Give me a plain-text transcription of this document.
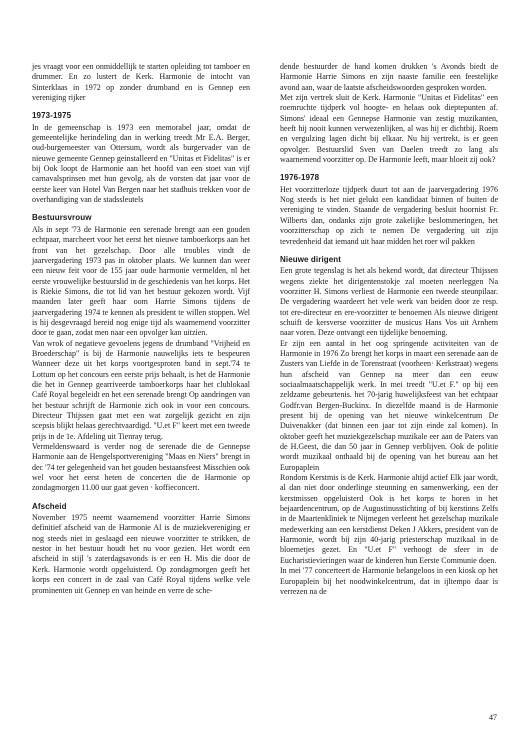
jes vraagt voor een onmiddellijk te starten opleiding tot tamboer en drummer. En zo lustert de Kerk. Harmonie de intocht van Sinterklaas in 1972 op zonder drumband en is Gennep een vereniging rijker
1973-1975
In de gemeenschap is 1973 een memorabel jaar, omdat de gemeentelijke herindeling dan in werking treedt Mr E.A. Berger, oud-burgemeester van Ottersum, wordt als burgervader van de nieuwe gemeente Gennep geinstalleerd en "Unitas et Fidelitas" is er bij Ook loopt de Harmonie aan het hoofd van een stoet van vijf carnavalsprinsen met hun gevolg, als de vorsten dat jaar voor de eerste keer van Hotel Van Bergen naar het stadhuis trekken voor de overhandiging van de stadssleutels
Bestuursvrouw
Als in sept '73 de Harmonie een serenade brengt aan een gouden echtpaar, marcheert voor het eerst het nieuwe tamboerkorps aan het front van het gezelschap. Door alle troubles vindt de jaarvergadering 1973 pas in oktober plaats. We kunnen dan weer een nieuw feit voor de 155 jaar oude harmonie vermelden, nl het eerste vrouwelijke bestuurslid in de geschiedenis van het korps. Het is Riekie Simons, die tot lid van het bestuur gekozen wordt. Vijf maanden later geeft haar oom Harrie Simons tijdens de jaarvergadering 1974 te kennen als president te willen stoppen. Wel is hij desgevraagd bereid nog enige tijd als waarnemend voorzitter door te gaan, zodat men naar een opvolger kan uitzien.
Van wrok of negatieve gevoelens jegens de drumband "Vrijheid en Broederschap" is bij de Harmonie nauwelijks iets te bespeuren Wanneer deze uit het korps voortgesproten band in sept.'74 te Lottum op het concours een eerste prijs behaalt, is het de Harmonie die het in Gennep gearriveerde tamboerkorps haar het clublokaal Café Royal begeleidt en het een serenade brengt Op aandringen van het bestuur schrijft de Harmonie zich ook in voor een concours. Directeur Thijssen gaat met een wat zorgelijk gezicht en zijn scepsis blijkt helaas gerechtvaardigd. "U.et F" keert met een tweede prijs in de 1e. Afdeling uit Tienray terug.
Vermeldenswaard is verder nog de serenade die de Gennepse Harmonie aan de Hengelsportvereniging "Maas en Niers" brengt in dec '74 ter gelegenheid van het gouden bestaansfeest Misschien ook wel voor het eerst heten de concerten die de Harmonie op zondagmorgen 11.00 uur gaat geven · koffieconcert.
Afscheid
November 1975 neemt waarnemend voorzitter Harrie Simons definitief afscheid van de Harmonie Al is de muziekvereniging er nog steeds niet in geslaagd een nieuwe voorzitter te strikken, de nestor in het bestuur houdt het nu voor gezien. Het wordt een afscheid in stijl 's zaterdagsavonds is er een H. Mis die door de Kerk. Harmonie wordt opgeluisterd. Op zondagmorgen geeft het korps een concert in de zaal van Café Royal tijdens welke vele prominenten uit Gennep en van heinde en verre de sche-
dende bestuurder de hand komen drukken 's Avonds biedt de Harmonie Harrie Simons en zijn naaste familie een feestelijke avond aan, waar de laatste afscheidswoorden gesproken worden.
Met zijn vertrek sluit de Kerk. Harmonie "Unitas et Fidelitas" een roemruchte tijdperk vol hoogte- en helaas ook dieptepunten af. Simons' ideaal een Gennepse Harmonie van zestig muzikanten, heeft hij nooit kunnen verwezenlijken, al was hij er dichtbij. Roem en vergulzing lagen dicht bij elkaar. Nu hij vertrekt, is er geen opvolger. Bestuurslid Sven van Daelen treedt zo lang als waarnemend voorzitter op. De Harmonie leeft, maar bloeit zij ook?
1976-1978
Het voorzitterloze tijdperk duurt tot aan de jaarvergadering 1976 Nog steeds is het niet gelukt een kandidaat binnen of buiten de vereniging te vinden. Staande de vergadering besluit hoornist Fr. Wilberts dan, ondanks zijn grote zakelijke beslommeringen, het voorzitterschap op zich te nemen De vergadering uit zijn tevredenheid dat iemand uit haar midden het roer wil pakken
Nieuwe dirigent
Een grote tegenslag is het als bekend wordt, dat directeur Thijssen wegens ziekte het dirigentenstokje zal moeten neerleggen Na voorzitter H. Simons verliest de Harmonie een tweede steunpilaar. De vergadering waardeert het vele werk van beiden door ze resp. tot ere-directeur en ere-voorzitter te benoemen Als nieuwe dirigent schuift de kersverse voorzitter de musicus Hans Vos uit Arnhem naar voren. Deze ontvangt een tijdelijke benoeming.
Er zijn een aantal in het oog springende activiteiten van de Harmonie in 1976 Zo brengt het korps in maart een serenade aan de Zusters van Liefde in de Torenstraat (voorheen· Kerkstraat) wegens hun afscheid van Gennep na meer dan een eeuw sociaalmaatschappelijk werk. In mei treedt "U.et F." op bij een zeldzame gebeurtenis. het 70-jarig huwelijksfeest van het echtpaar Godfr.van Bergen-Buckinx. In diezelfde maand is de Harmonie present bij de opening van het nieuwe winkelcentrum De Duivenakker (dat binnen een jaar tot zijn einde zal komen). In oktober geeft het muziekgezelschap muzikale eer aan de Paters van de H.Geest, die dan 50 jaar in Gennep verblijven. Ook de politie wordt muzikaal onthaald bij de opening van het bureau aan het Europaplein
Rondom Kerstmis is de Kerk. Harmonie altijd actief Elk jaar wordt, al dan niet door onderlinge steunning en samenwerking, een der kerstmissen opgeluisterd Ook is het korps te horen in het bejaardencentrum, op de Augustinusstichting of bij kerstinns Zelfs in de Maartenkliniek te Nijmegen verleent het gezelschap muzikale medewerking aan een kerstdienst Deken J Akkers, president van de Harmonie, wordt bij zijn 40-jarig priesterschap muzikaal in de bloemetjes gezet. En "U.et F" verhoogt de sfeer in de Eucharistievieringen waar de kinderen hun Eerste Communie doen.
In mei '77 concerteert de Harmonie belangeloos in een kiosk op het Europaplein bij het noodwinkelcentrum, dat in ijltempo daar is verrezen na de
47
